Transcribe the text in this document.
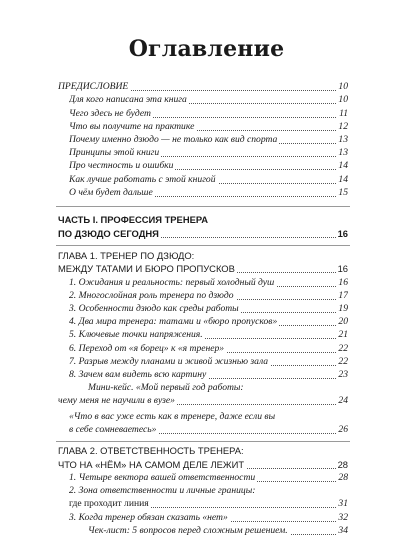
Оглавление
ПРЕДИСЛОВИЕ	10
Для кого написана эта книга	10
Чего здесь не будет	11
Что вы получите на практике	12
Почему именно дзюдо — не только как вид спорта	13
Принципы этой книги	13
Про честность и ошибки	14
Как лучше работать с этой книгой	14
О чём будет дальше	15
ЧАСТЬ I. ПРОФЕССИЯ ТРЕНЕРА
ПО ДЗЮДО СЕГОДНЯ	16
ГЛАВА 1. ТРЕНЕР ПО ДЗЮДО:
МЕЖДУ ТАТАМИ И БЮРО ПРОПУСКОВ	16
1. Ожидания и реальность: первый холодный душ	16
2. Многослойная роль тренера по дзюдо	17
3. Особенности дзюдо как среды работы	19
4. Два мира тренера: татами и «бюро пропусков»	20
5. Ключевые точки напряжения.	21
6. Переход от «я борец» к «я тренер»	22
7. Разрыв между планами и живой жизнью зала	22
8. Зачем вам видеть всю картину	23
Мини-кейс. «Мой первый год работы:
чему меня не научили в вузе»	24
«Что в вас уже есть как в тренере, даже если вы
в себе сомневаетесь»	26
ГЛАВА 2. ОТВЕТСТВЕННОСТЬ ТРЕНЕРА:
ЧТО НА «НЁМ» НА САМОМ ДЕЛЕ ЛЕЖИТ	28
1. Четыре вектора вашей ответственности	28
2. Зона ответственности и личные границы:
где проходит линия	31
3. Когда тренер обязан сказать «нет»	32
Чек-лист: 5 вопросов перед сложным решением.	34
